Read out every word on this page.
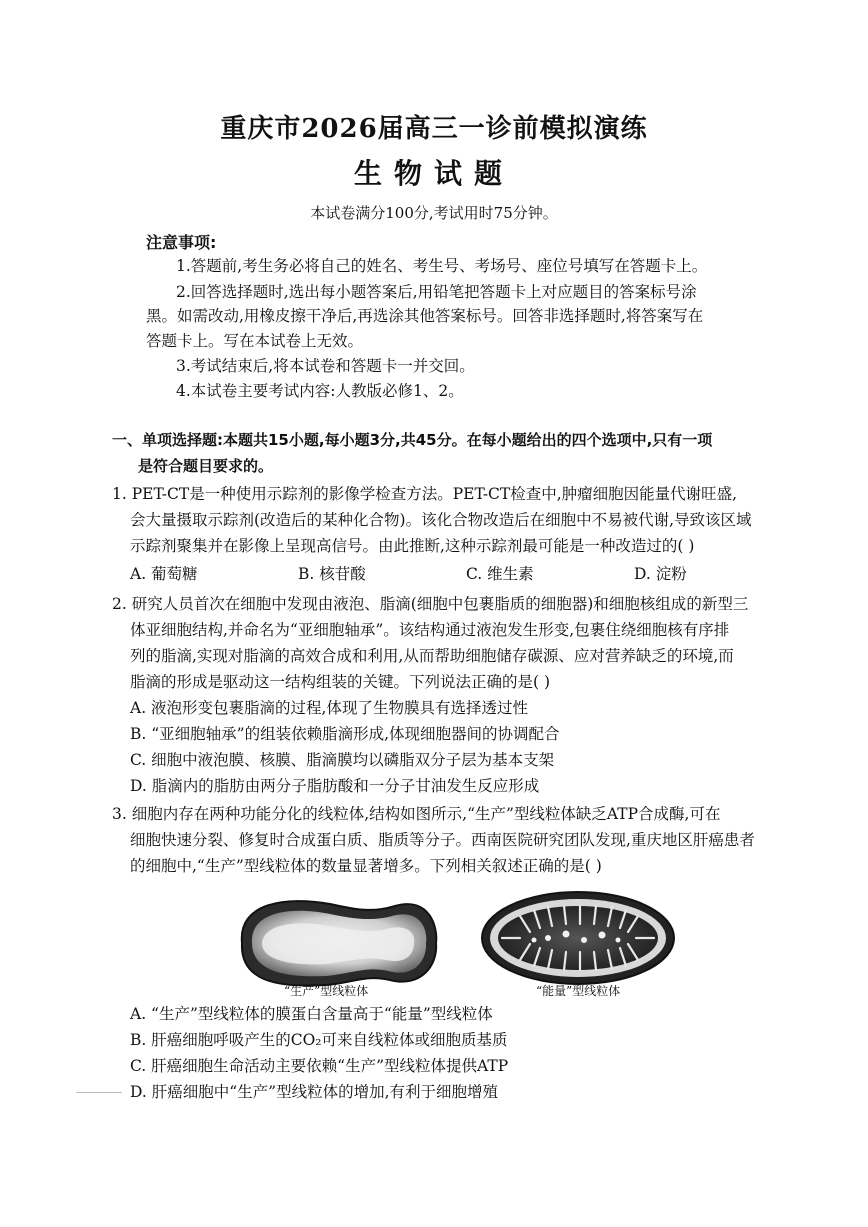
重庆市2026届高三一诊前模拟演练
生物试题
本试卷满分100分,考试用时75分钟。
注意事项:
1.答题前,考生务必将自己的姓名、考生号、考场号、座位号填写在答题卡上。
2.回答选择题时,选出每小题答案后,用铅笔把答题卡上对应题目的答案标号涂
黑。如需改动,用橡皮擦干净后,再选涂其他答案标号。回答非选择题时,将答案写在
答题卡上。写在本试卷上无效。
3.考试结束后,将本试卷和答题卡一并交回。
4.本试卷主要考试内容:人教版必修1、2。
一、单项选择题:本题共15小题,每小题3分,共45分。在每小题给出的四个选项中,只有一项
是符合题目要求的。
1. PET-CT是一种使用示踪剂的影像学检查方法。PET-CT检查中,肿瘤细胞因能量代谢旺盛,
会大量摄取示踪剂(改造后的某种化合物)。该化合物改造后在细胞中不易被代谢,导致该区域
示踪剂聚集并在影像上呈现高信号。由此推断,这种示踪剂最可能是一种改造过的( )
A. 葡萄糖	B. 核苷酸	C. 维生素	D. 淀粉
2. 研究人员首次在细胞中发现由液泡、脂滴(细胞中包裹脂质的细胞器)和细胞核组成的新型三
体亚细胞结构,并命名为“亚细胞轴承”。该结构通过液泡发生形变,包裹住绕细胞核有序排
列的脂滴,实现对脂滴的高效合成和利用,从而帮助细胞储存碳源、应对营养缺乏的环境,而
脂滴的形成是驱动这一结构组装的关键。下列说法正确的是( )
A. 液泡形变包裹脂滴的过程,体现了生物膜具有选择透过性
B. “亚细胞轴承”的组装依赖脂滴形成,体现细胞器间的协调配合
C. 细胞中液泡膜、核膜、脂滴膜均以磷脂双分子层为基本支架
D. 脂滴内的脂肪由两分子脂肪酸和一分子甘油发生反应形成
3. 细胞内存在两种功能分化的线粒体,结构如图所示,“生产”型线粒体缺乏ATP合成酶,可在
细胞快速分裂、修复时合成蛋白质、脂质等分子。西南医院研究团队发现,重庆地区肝癌患者
的细胞中,“生产”型线粒体的数量显著增多。下列相关叙述正确的是( )
“生产”型线粒体	“能量”型线粒体
A. “生产”型线粒体的膜蛋白含量高于“能量”型线粒体
B. 肝癌细胞呼吸产生的CO₂可来自线粒体或细胞质基质
C. 肝癌细胞生命活动主要依赖“生产”型线粒体提供ATP
D. 肝癌细胞中“生产”型线粒体的增加,有利于细胞增殖
